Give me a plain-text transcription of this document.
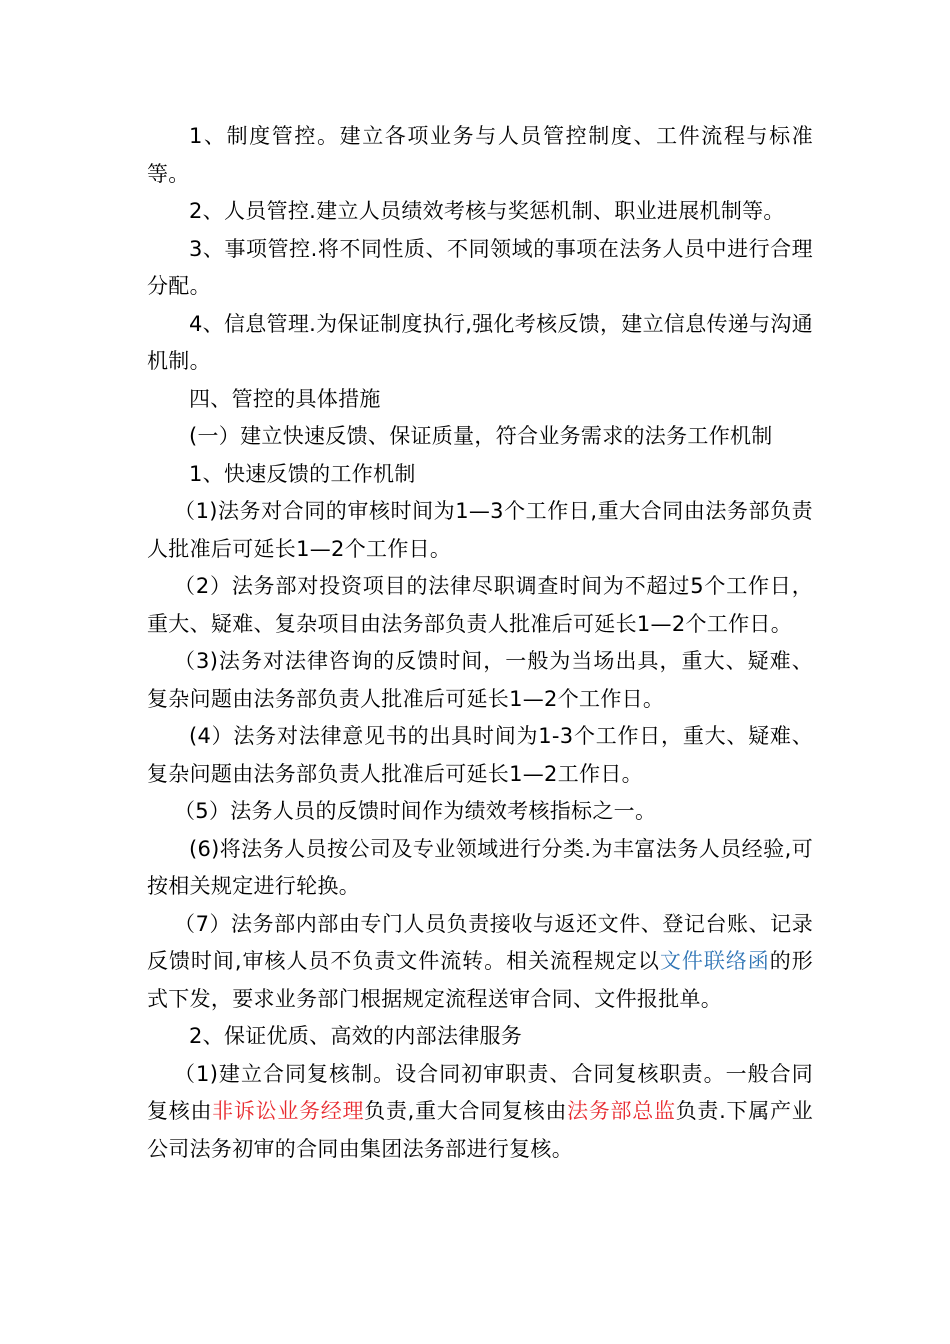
1、制度管控。建立各项业务与人员管控制度、工件流程与标准等。

2、人员管控.建立人员绩效考核与奖惩机制、职业进展机制等。

3、事项管控.将不同性质、不同领域的事项在法务人员中进行合理分配。

4、信息管理.为保证制度执行,强化考核反馈，建立信息传递与沟通机制。

四、管控的具体措施

(一）建立快速反馈、保证质量，符合业务需求的法务工作机制

1、快速反馈的工作机制

（1)法务对合同的审核时间为1—3个工作日,重大合同由法务部负责人批准后可延长1—2个工作日。

（2）法务部对投资项目的法律尽职调查时间为不超过5个工作日，重大、疑难、复杂项目由法务部负责人批准后可延长1—2个工作日。

（3)法务对法律咨询的反馈时间，一般为当场出具，重大、疑难、复杂问题由法务部负责人批准后可延长1—2个工作日。

(4）法务对法律意见书的出具时间为1-3个工作日，重大、疑难、复杂问题由法务部负责人批准后可延长1—2工作日。

（5）法务人员的反馈时间作为绩效考核指标之一。

(6)将法务人员按公司及专业领域进行分类.为丰富法务人员经验,可按相关规定进行轮换。

（7）法务部内部由专门人员负责接收与返还文件、登记台账、记录反馈时间,审核人员不负责文件流转。相关流程规定以文件联络函的形式下发，要求业务部门根据规定流程送审合同、文件报批单。

2、保证优质、高效的内部法律服务

（1)建立合同复核制。设合同初审职责、合同复核职责。一般合同复核由非诉讼业务经理负责,重大合同复核由法务部总监负责.下属产业公司法务初审的合同由集团法务部进行复核。
